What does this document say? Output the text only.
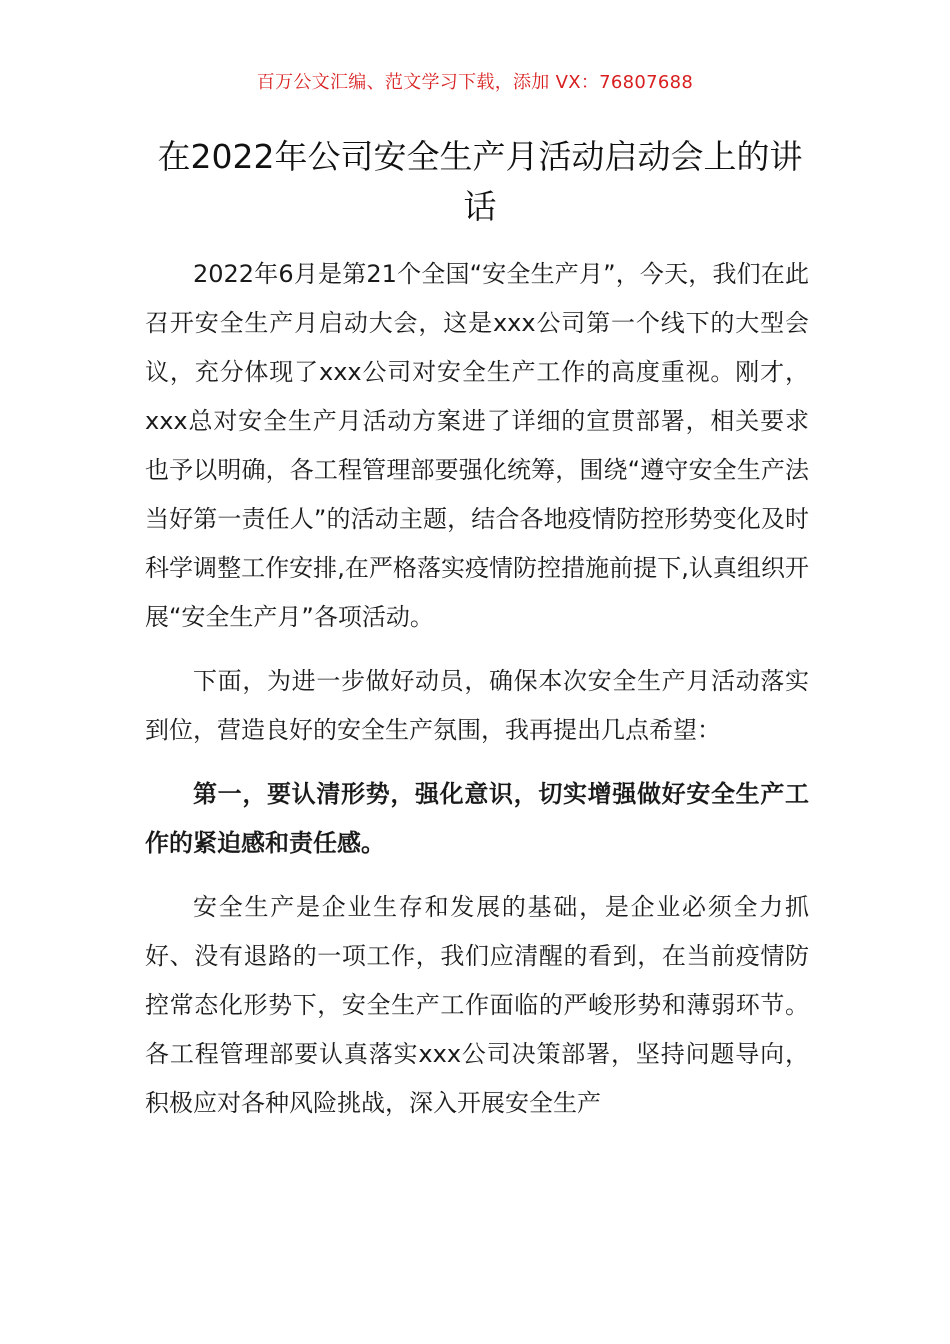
百万公文汇编、范文学习下载，添加 VX：76807688
在2022年公司安全生产月活动启动会上的讲话

2022年6月是第21个全国“安全生产月”，今天，我们在此召开安全生产月启动大会，这是xxx公司第一个线下的大型会议，充分体现了xxx公司对安全生产工作的高度重视。刚才，xxx总对安全生产月活动方案进了详细的宣贯部署，相关要求也予以明确，各工程管理部要强化统筹，围绕“遵守安全生产法 当好第一责任人”的活动主题，结合各地疫情防控形势变化及时科学调整工作安排,在严格落实疫情防控措施前提下,认真组织开展“安全生产月”各项活动。

下面，为进一步做好动员，确保本次安全生产月活动落实到位，营造良好的安全生产氛围，我再提出几点希望：

第一，要认清形势，强化意识，切实增强做好安全生产工作的紧迫感和责任感。

安全生产是企业生存和发展的基础，是企业必须全力抓好、没有退路的一项工作，我们应清醒的看到，在当前疫情防控常态化形势下，安全生产工作面临的严峻形势和薄弱环节。各工程管理部要认真落实xxx公司决策部署，坚持问题导向，积极应对各种风险挑战，深入开展安全生产
